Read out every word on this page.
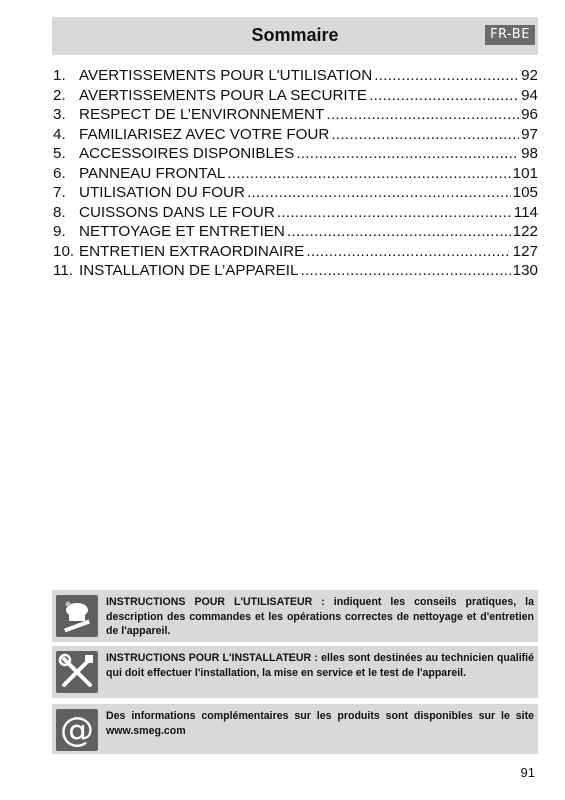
Sommaire	FR-BE
1. AVERTISSEMENTS POUR L'UTILISATION .....	92
2. AVERTISSEMENTS POUR LA SECURITE .....	94
3. RESPECT DE L’ENVIRONNEMENT .....	96
4. FAMILIARISEZ AVEC VOTRE FOUR .....	97
5. ACCESSOIRES DISPONIBLES .....	98
6. PANNEAU FRONTAL .....	101
7. UTILISATION DU FOUR .....	105
8. CUISSONS DANS LE FOUR .....	114
9. NETTOYAGE ET ENTRETIEN .....	122
10. ENTRETIEN EXTRAORDINAIRE .....	127
11. INSTALLATION DE L’APPAREIL .....	130
INSTRUCTIONS POUR L'UTILISATEUR : indiquent les conseils pratiques, la description des commandes et les opérations correctes de nettoyage et d'entretien de l'appareil.
INSTRUCTIONS POUR L'INSTALLATEUR : elles sont destinées au technicien qualifié qui doit effectuer l'installation, la mise en service et le test de l'appareil.
@ Des informations complémentaires sur les produits sont disponibles sur le site www.smeg.com
91
